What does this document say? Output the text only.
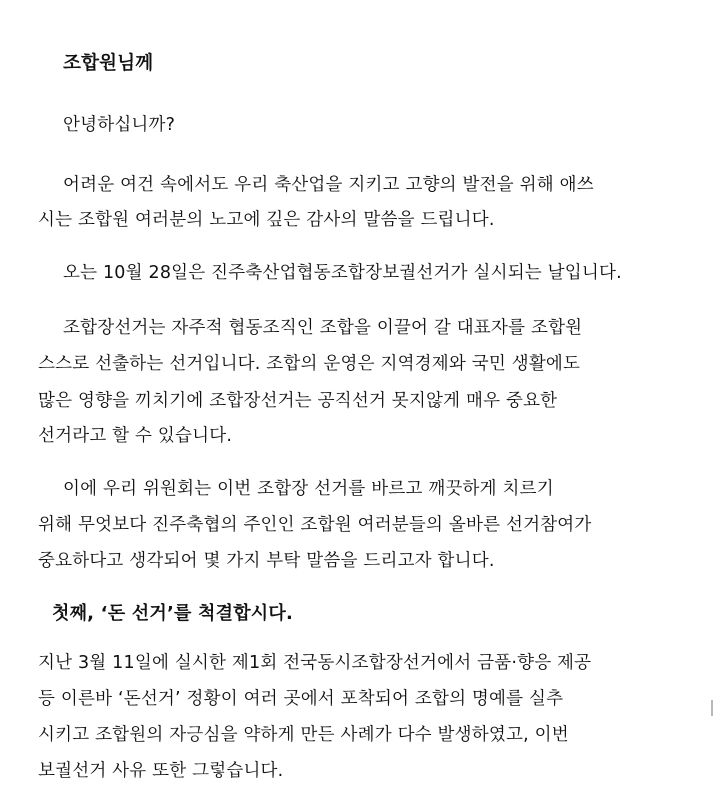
조합원님께
안녕하십니까?
어려운 여건 속에서도 우리 축산업을 지키고 고향의 발전을 위해 애쓰
시는 조합원 여러분의 노고에 깊은 감사의 말씀을 드립니다.
오는 10월 28일은 진주축산업협동조합장보궐선거가 실시되는 날입니다.
조합장선거는 자주적 협동조직인 조합을 이끌어 갈 대표자를 조합원
스스로 선출하는 선거입니다. 조합의 운영은 지역경제와 국민 생활에도
많은 영향을 끼치기에 조합장선거는 공직선거 못지않게 매우 중요한
선거라고 할 수 있습니다.
이에 우리 위원회는 이번 조합장 선거를 바르고 깨끗하게 치르기
위해 무엇보다 진주축협의 주인인 조합원 여러분들의 올바른 선거참여가
중요하다고 생각되어 몇 가지 부탁 말씀을 드리고자 합니다.
첫째, ‘돈 선거’를 척결합시다.
지난 3월 11일에 실시한 제1회 전국동시조합장선거에서 금품·향응 제공
등 이른바 ‘돈선거’ 정황이 여러 곳에서 포착되어 조합의 명예를 실추
시키고 조합원의 자긍심을 약하게 만든 사례가 다수 발생하였고, 이번
보궐선거 사유 또한 그렇습니다.
